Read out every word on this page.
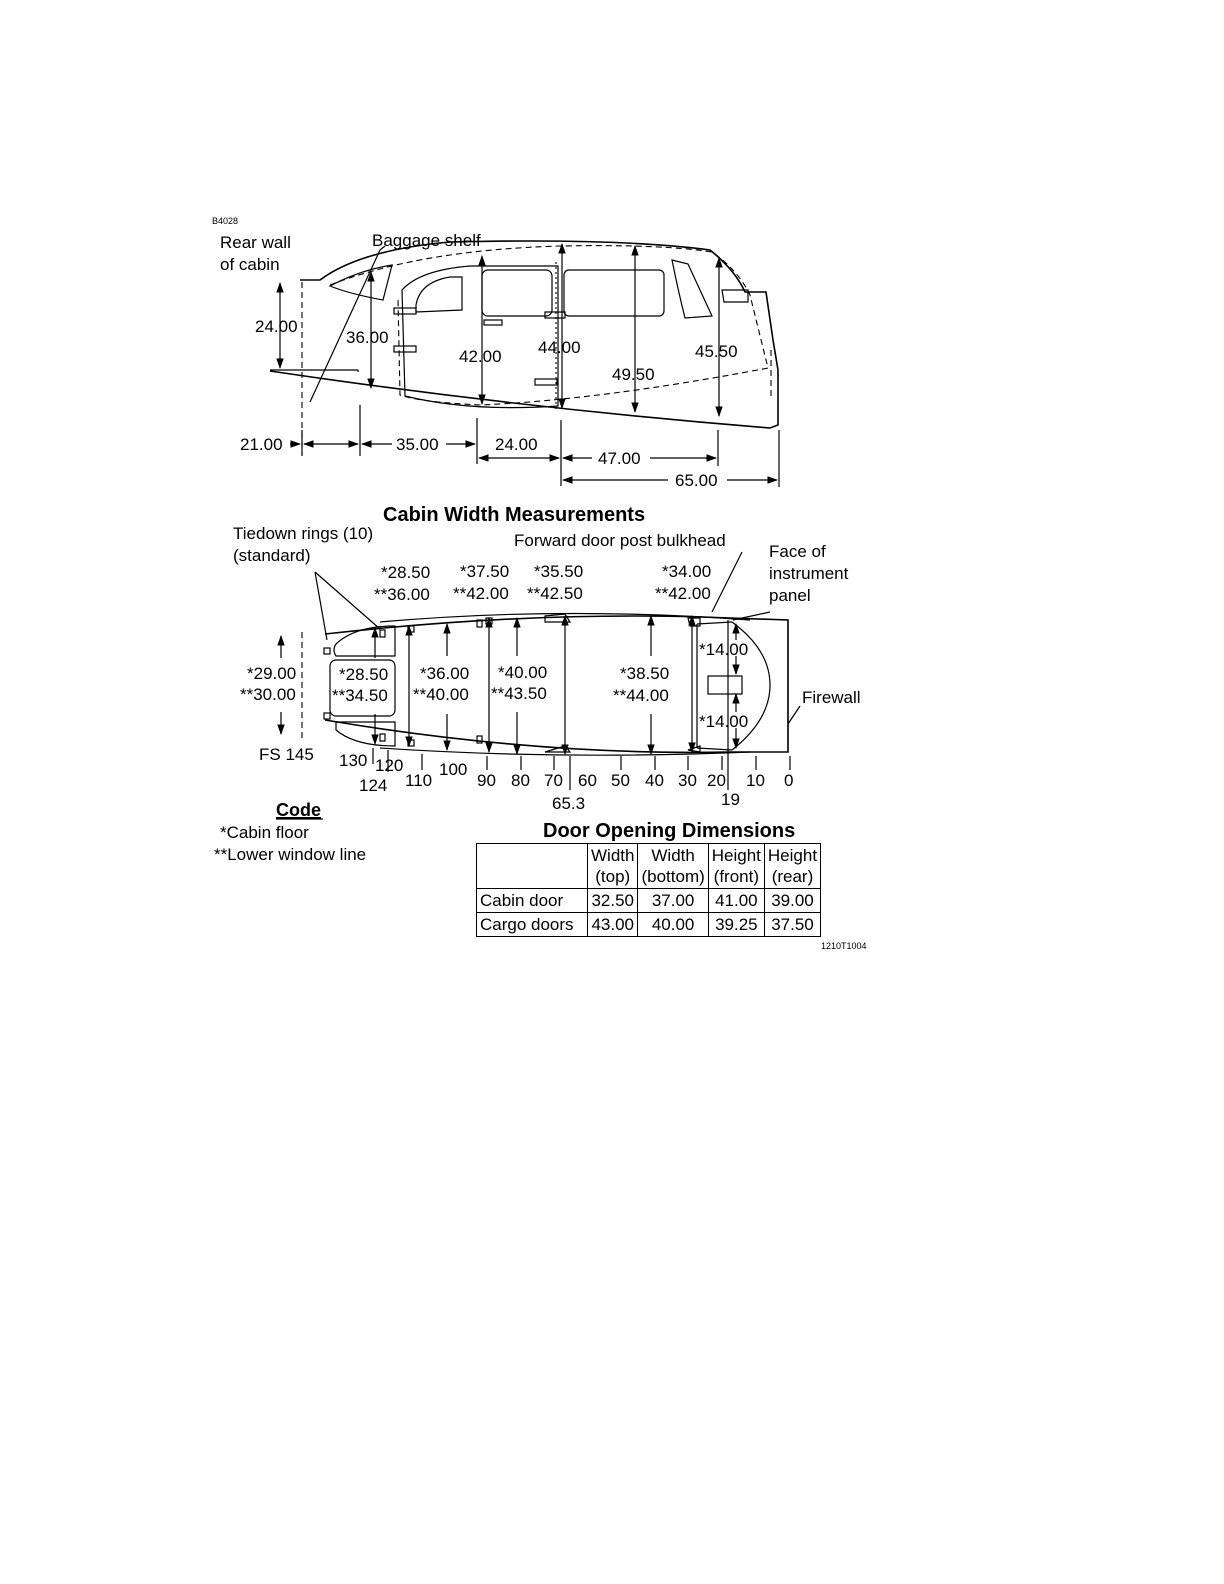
B4028
Rear wall
of cabin
Baggage shelf
24.00
36.00
42.00 44.00
49.50
45.50
21.00	35.00	24.00
47.00
65.00
Cabin Width Measurements
Tiedown rings (10)
(standard)
Forward door post bulkhead
Face of
instrument
panel
Firewall
FS 145
*28.50
**36.00
*37.50
**42.00
*35.50
**42.50
*34.00
**42.00
*29.00
**30.00
*28.50
**34.50
*36.00
**40.00
*40.00
**43.50
*38.50
**44.00
*14.00
*14.00
130 120
124 110
100
90 80 70
65.3
60 50 40 30 20
19
10 0
Code
*Cabin floor
**Lower window line
Door Opening Dimensions
1210T1004
	Width
(top)	Width
(bottom)	Height
(front)	Height
(rear)
Cabin door	32.50	37.00	41.00	39.00
Cargo doors	43.00	40.00	39.25	37.50
